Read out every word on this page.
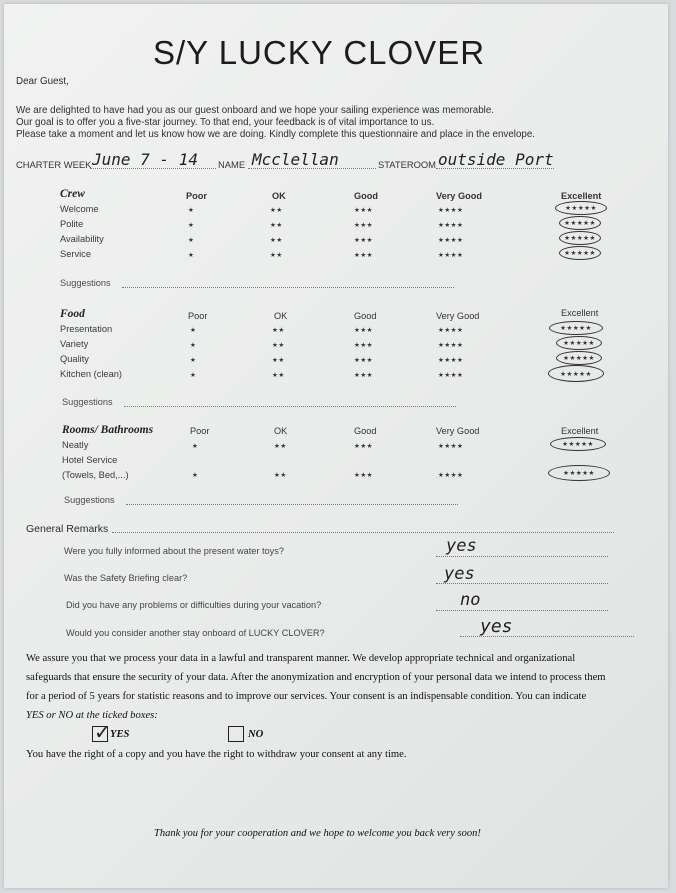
S/Y LUCKY CLOVER
Dear Guest,
We are delighted to have had you as our guest onboard and we hope your sailing experience was memorable.
Our goal is to offer you a five-star journey. To that end, your feedback is of vital importance to us.
Please take a moment and let us know how we are doing. Kindly complete this questionnaire and place in the envelope.
CHARTER WEEK June 7 - 14 NAME Mcclellan	STATEROOM outside Port
Crew	Poor	OK	Good	Very Good	Excellent
Welcome	★	★★	★★★	★★★★	★★★★★
Polite	★	★★	★★★	★★★★	★★★★★
Availability	★	★★	★★★	★★★★	★★★★★
Service	★	★★	★★★	★★★★	★★★★★
Suggestions
Food	Poor	OK	Good	Very Good	Excellent
Presentation	★	★★	★★★	★★★★	★★★★★
Variety	★	★★	★★★	★★★★	★★★★★
Quality	★	★★	★★★	★★★★	★★★★★
Kitchen (clean)	★	★★	★★★	★★★★	★★★★★
Suggestions
Rooms/ Bathrooms	Poor	OK	Good	Very Good	Excellent
Neatly	★	★★	★★★	★★★★	★★★★★
Hotel Service
(Towels, Bed,...)	★	★★	★★★	★★★★	★★★★★
Suggestions
General Remarks
Were you fully informed about the present water toys?	yes
Was the Safety Briefing clear?	yes
Did you have any problems or difficulties during your vacation?	no
Would you consider another stay onboard of LUCKY CLOVER?	yes
We assure you that we process your data in a lawful and transparent manner. We develop appropriate technical and organizational
safeguards that ensure the security of your data. After the anonymization and encryption of your personal data we intend to process them
for a period of 5 years for statistic reasons and to improve our services. Your consent is an indispensable condition. You can indicate
YES or NO at the ticked boxes:
✓ YES	NO
You have the right of a copy and you have the right to withdraw your consent at any time.
Thank you for your cooperation and we hope to welcome you back very soon!
